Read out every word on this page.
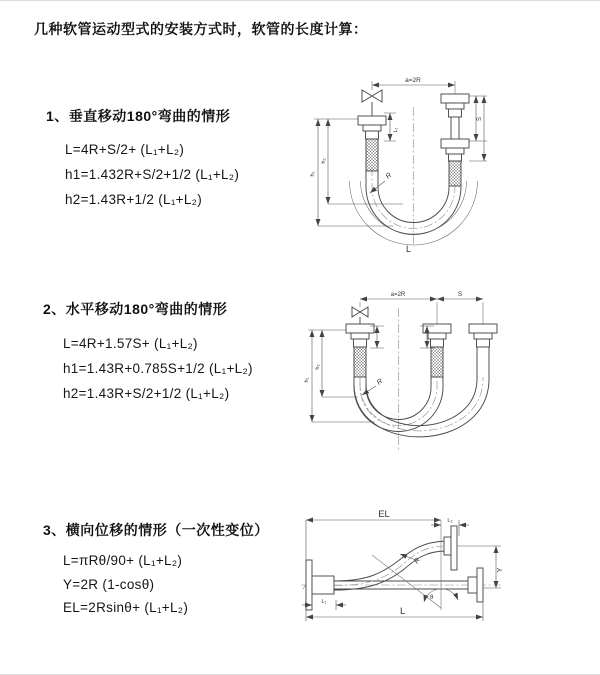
几种软管运动型式的安装方式时，软管的长度计算：
1、垂直移动180°弯曲的情形
L=4R+S/2+ (L₁+L₂)
h1=1.432R+S/2+1/2 (L₁+L₂)
h2=1.43R+1/2 (L₁+L₂)
a=2R
L₁
S
h₁
h₂
R
L
2、水平移动180°弯曲的情形
L=4R+1.57S+ (L₁+L₂)
h1=1.43R+0.785S+1/2 (L₁+L₂)
h2=1.43R+S/2+1/2 (L₁+L₂)
a=2R	S
h₁
h₂
R
3、横向位移的情形（一次性变位）
L=πRθ/90+ (L₁+L₂)
Y=2R (1-cosθ)
EL=2Rsinθ+ (L₁+L₂)
θ
EL
L₂
Y
L
L₁
R
